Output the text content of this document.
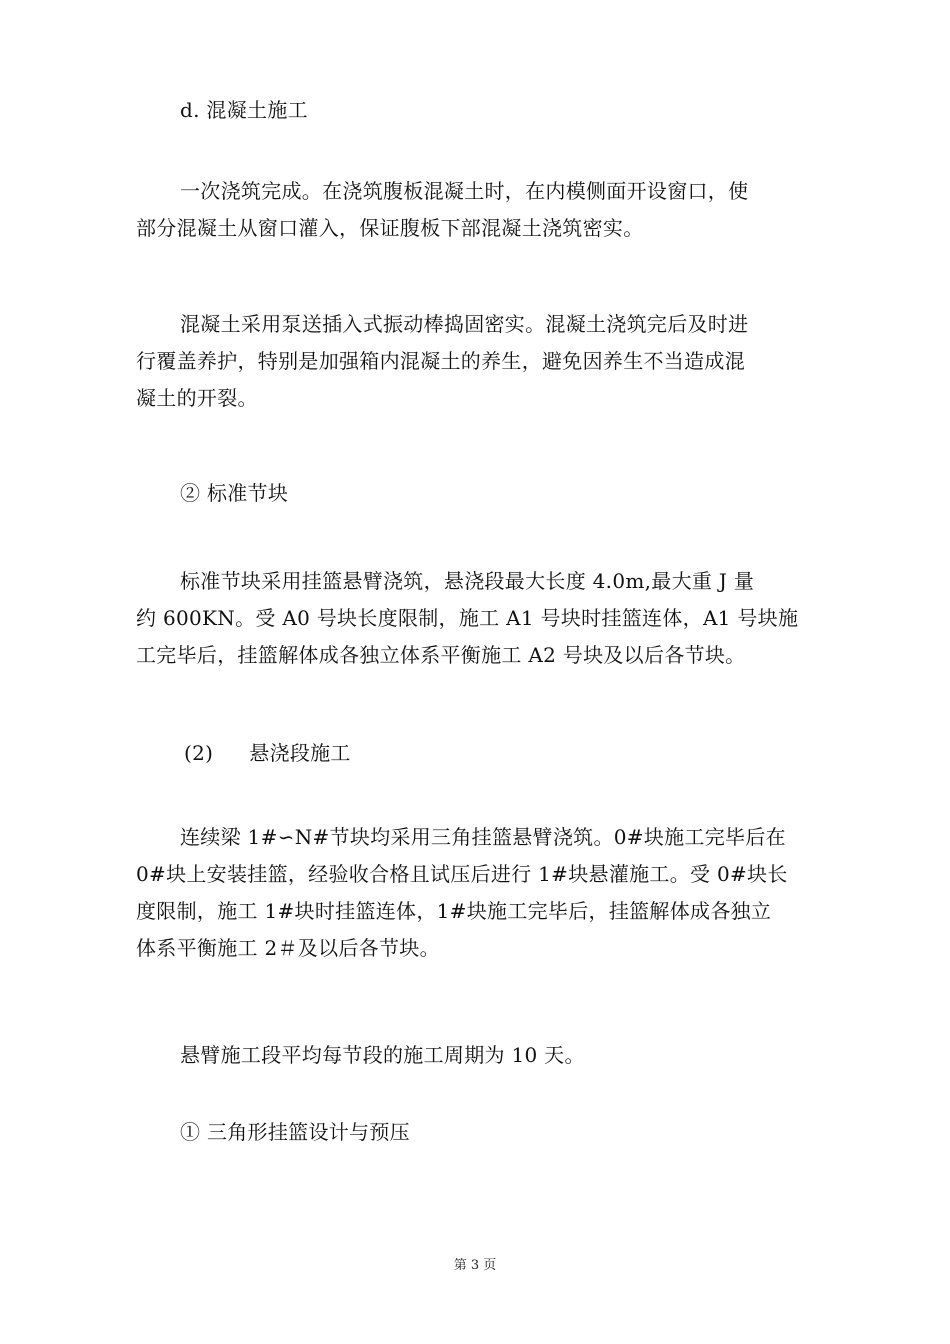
d. 混凝土施工
一次浇筑完成。在浇筑腹板混凝土时，在内模侧面开设窗口，使
部分混凝土从窗口灌入，保证腹板下部混凝土浇筑密实。
混凝土采用泵送插入式振动棒捣固密实。混凝土浇筑完后及时进
行覆盖养护，特别是加强箱内混凝土的养生，避免因养生不当造成混
凝土的开裂。
② 标准节块
标准节块采用挂篮悬臂浇筑，悬浇段最大长度 4.0m,最大重 J 量
约 600KN。受 A0 号块长度限制，施工 A1 号块时挂篮连体，A1 号块施
工完毕后，挂篮解体成各独立体系平衡施工 A2 号块及以后各节块。
(2) 悬浇段施工
连续梁 1#∽N#节块均采用三角挂篮悬臂浇筑。0#块施工完毕后在
0#块上安装挂篮，经验收合格且试压后进行 1#块悬灌施工。受 0#块长
度限制，施工 1#块时挂篮连体，1#块施工完毕后，挂篮解体成各独立
体系平衡施工 2＃及以后各节块。
悬臂施工段平均每节段的施工周期为 10 天。
① 三角形挂篮设计与预压
第 3 页
